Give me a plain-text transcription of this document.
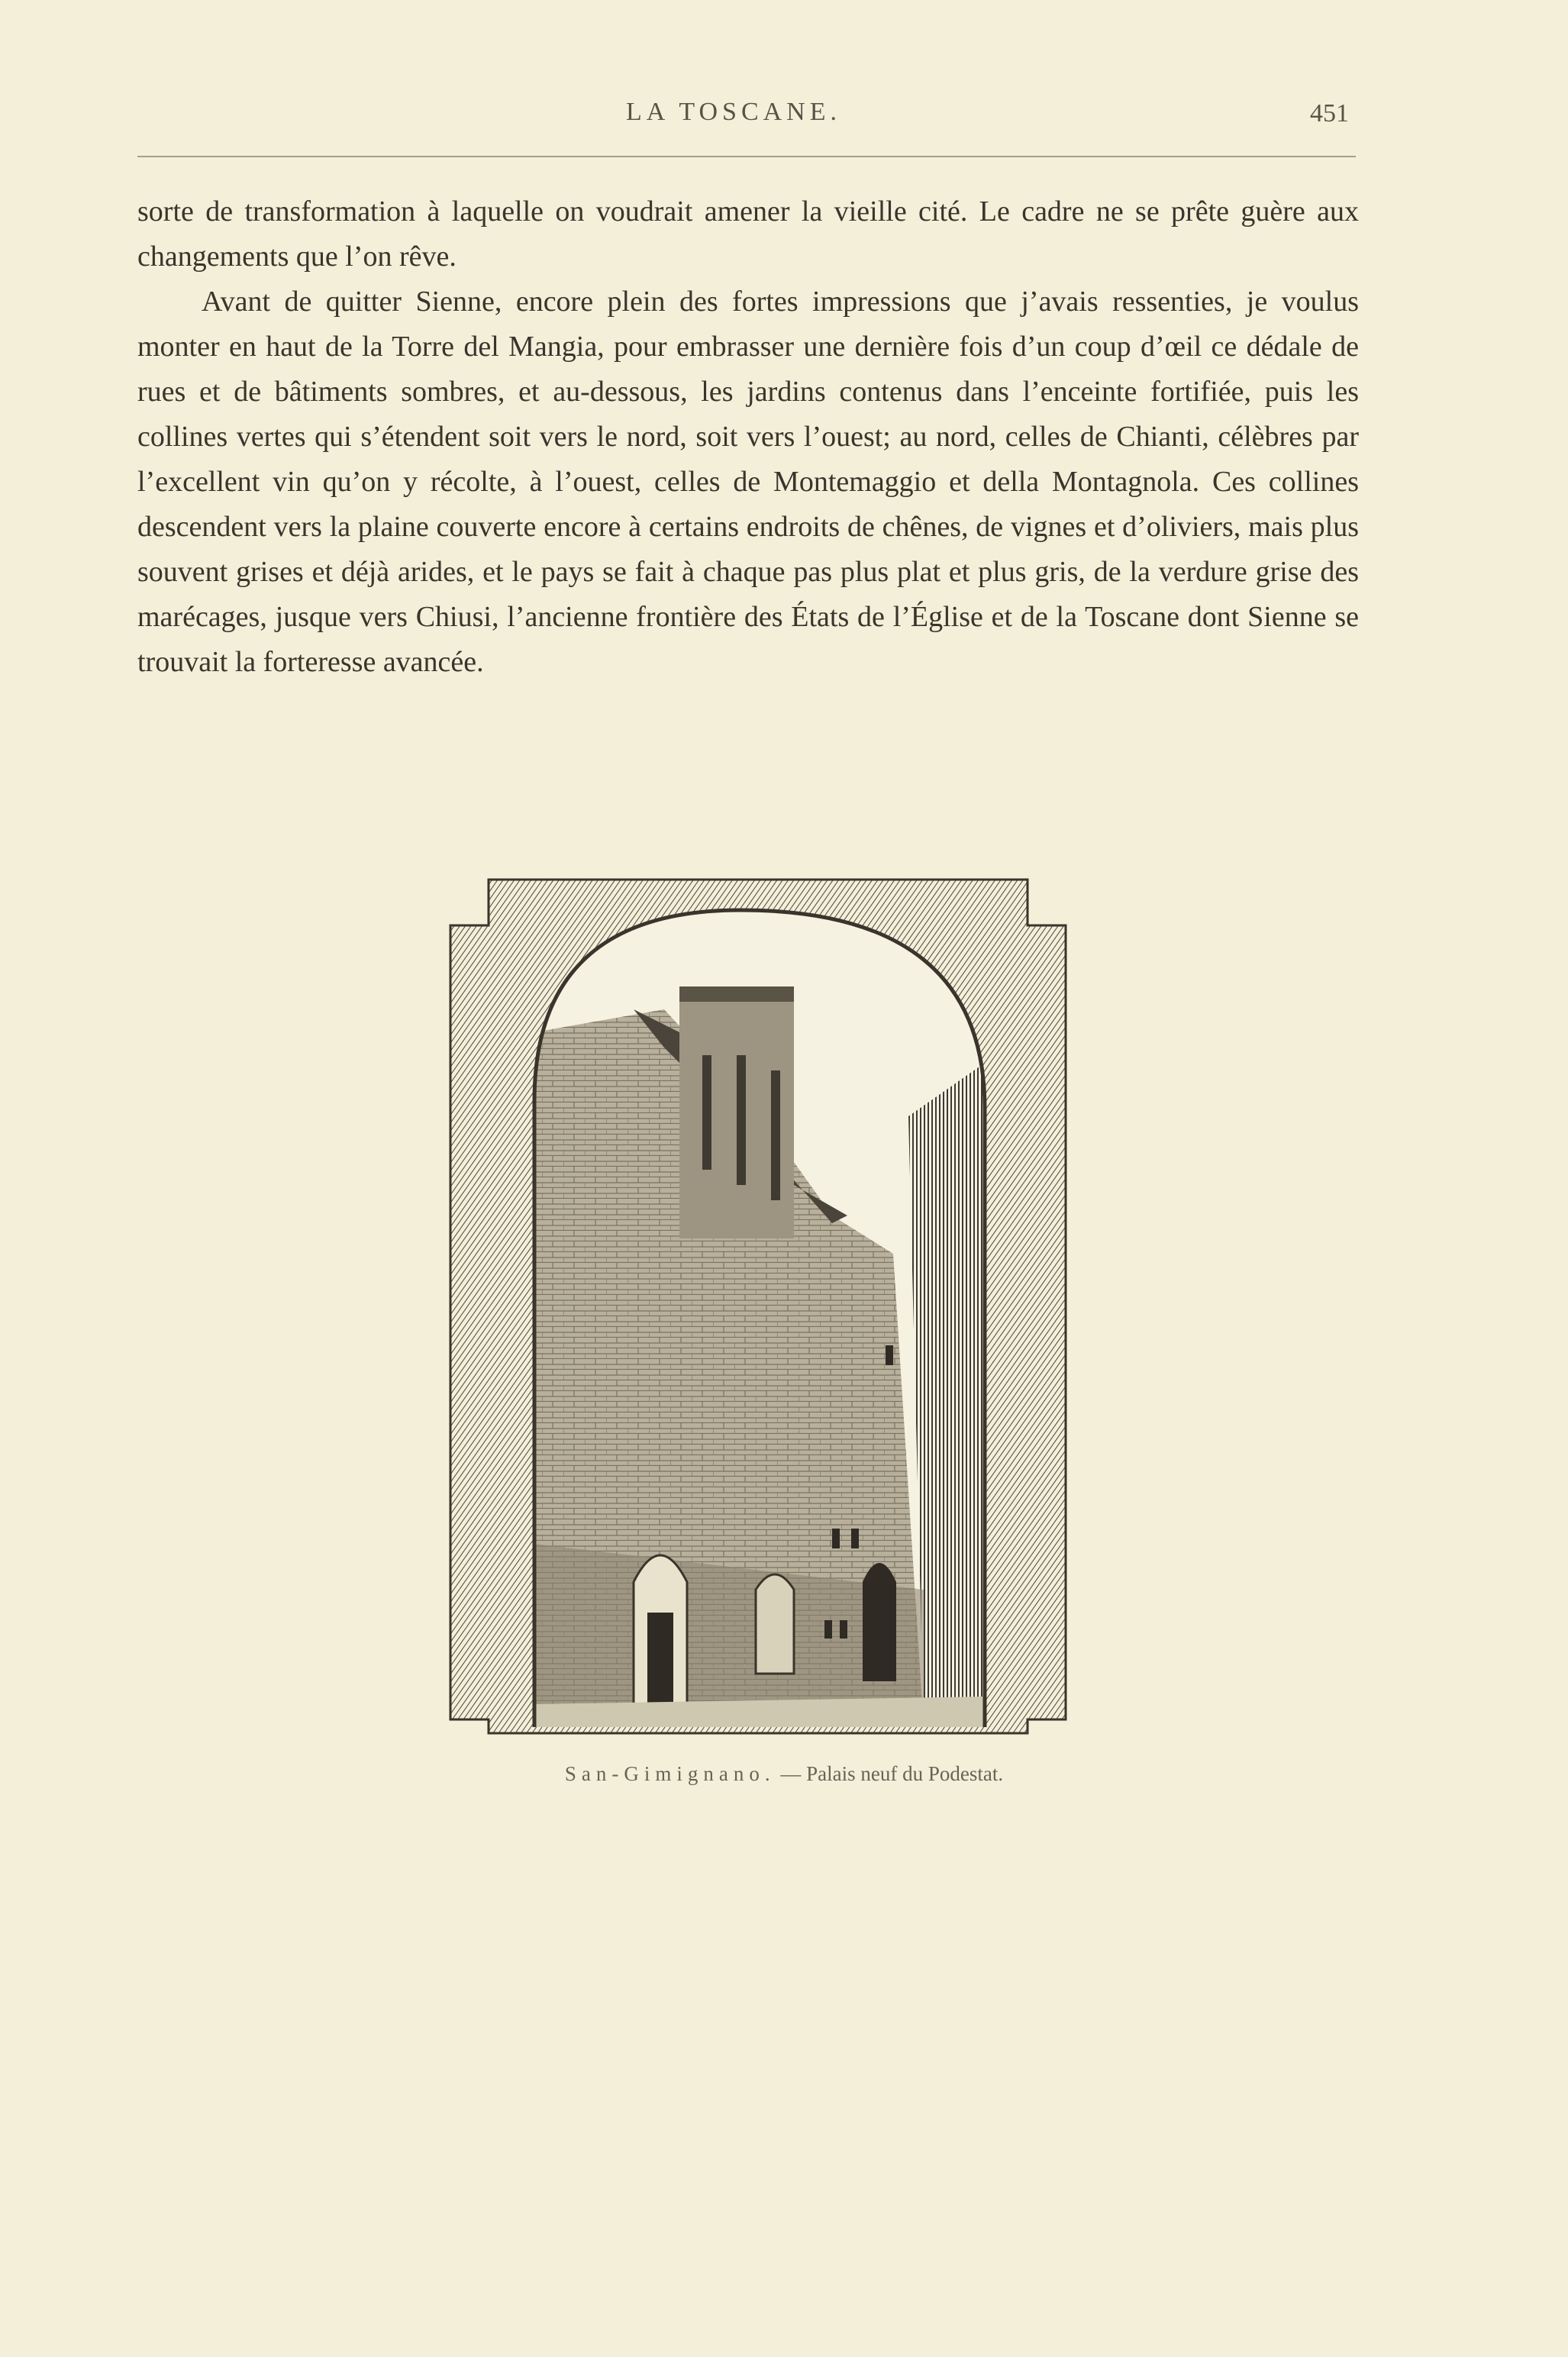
LA TOSCANE.	451

sorte de transformation à laquelle on voudrait amener la vieille cité. Le cadre ne se prête guère aux changements que l’on rêve.

Avant de quitter Sienne, encore plein des fortes impressions que j’avais ressenties, je voulus monter en haut de la Torre del Mangia, pour embrasser une dernière fois d’un coup d’œil ce dédale de rues et de bâtiments sombres, et au-dessous, les jardins contenus dans l’enceinte fortifiée, puis les collines vertes qui s’étendent soit vers le nord, soit vers l’ouest; au nord, celles de Chianti, célèbres par l’excellent vin qu’on y récolte, à l’ouest, celles de Montemaggio et della Montagnola. Ces collines descendent vers la plaine couverte encore à certains endroits de chênes, de vignes et d’oliviers, mais plus souvent grises et déjà arides, et le pays se fait à chaque pas plus plat et plus gris, de la verdure grise des marécages, jusque vers Chiusi, l’ancienne frontière des États de l’Église et de la Toscane dont Sienne se trouvait la forteresse avancée.

San-Gimignano. — Palais neuf du Podestat.
